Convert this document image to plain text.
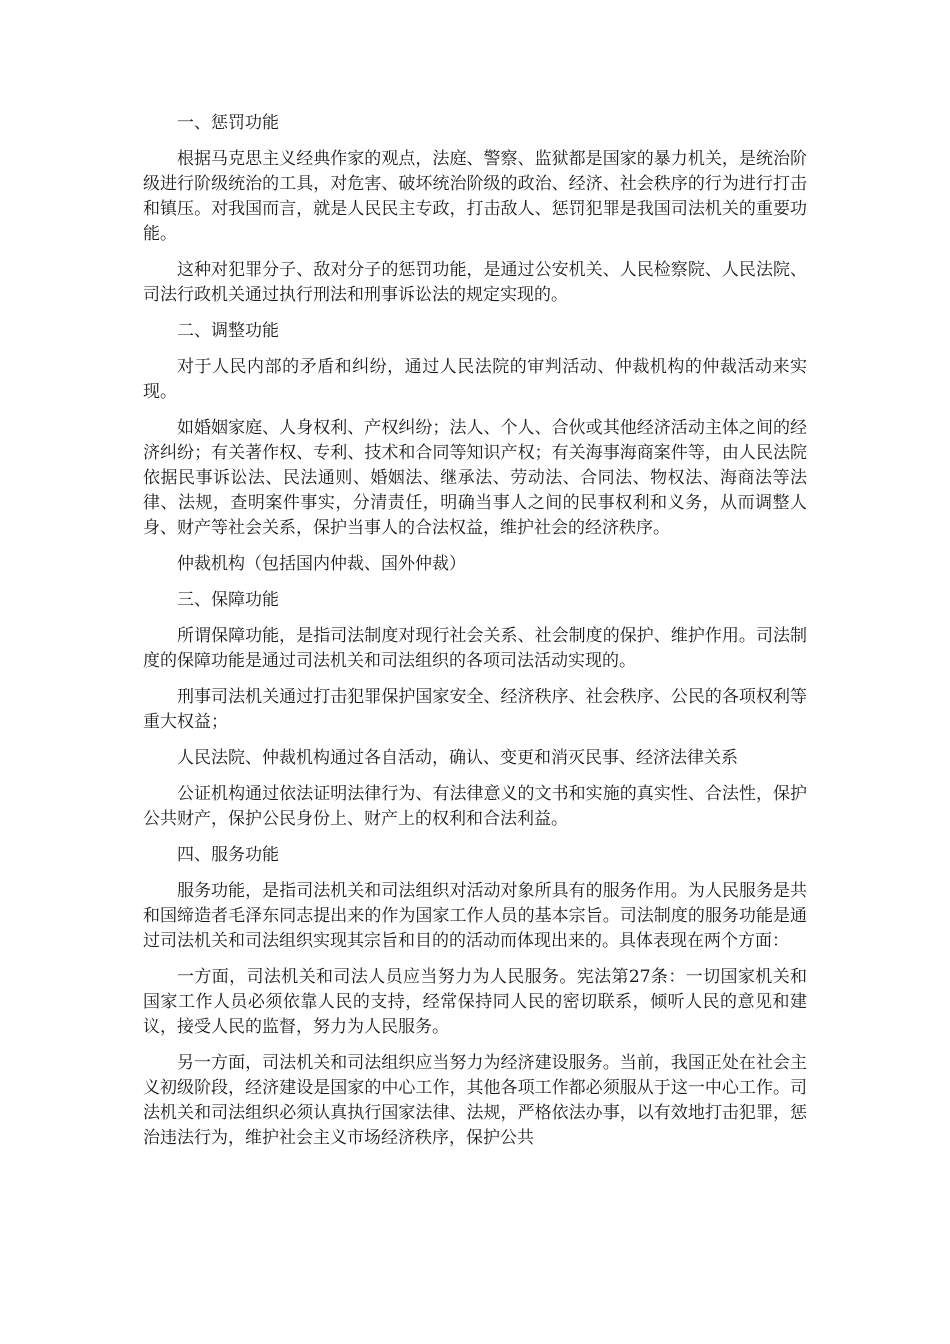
一、惩罚功能

根据马克思主义经典作家的观点，法庭、警察、监狱都是国家的暴力机关，是统治阶级进行阶级统治的工具，对危害、破坏统治阶级的政治、经济、社会秩序的行为进行打击和镇压。对我国而言，就是人民民主专政，打击敌人、惩罚犯罪是我国司法机关的重要功能。

这种对犯罪分子、敌对分子的惩罚功能，是通过公安机关、人民检察院、人民法院、司法行政机关通过执行刑法和刑事诉讼法的规定实现的。

二、调整功能

对于人民内部的矛盾和纠纷，通过人民法院的审判活动、仲裁机构的仲裁活动来实现。

如婚姻家庭、人身权利、产权纠纷；法人、个人、合伙或其他经济活动主体之间的经济纠纷；有关著作权、专利、技术和合同等知识产权；有关海事海商案件等，由人民法院依据民事诉讼法、民法通则、婚姻法、继承法、劳动法、合同法、物权法、海商法等法律、法规，查明案件事实，分清责任，明确当事人之间的民事权利和义务，从而调整人身、财产等社会关系，保护当事人的合法权益，维护社会的经济秩序。

仲裁机构（包括国内仲裁、国外仲裁）

三、保障功能

所谓保障功能，是指司法制度对现行社会关系、社会制度的保护、维护作用。司法制度的保障功能是通过司法机关和司法组织的各项司法活动实现的。

刑事司法机关通过打击犯罪保护国家安全、经济秩序、社会秩序、公民的各项权利等重大权益；

人民法院、仲裁机构通过各自活动，确认、变更和消灭民事、经济法律关系

公证机构通过依法证明法律行为、有法律意义的文书和实施的真实性、合法性，保护公共财产，保护公民身份上、财产上的权利和合法利益。

四、服务功能

服务功能，是指司法机关和司法组织对活动对象所具有的服务作用。为人民服务是共和国缔造者毛泽东同志提出来的作为国家工作人员的基本宗旨。司法制度的服务功能是通过司法机关和司法组织实现其宗旨和目的的活动而体现出来的。具体表现在两个方面：

一方面，司法机关和司法人员应当努力为人民服务。宪法第27条：一切国家机关和国家工作人员必须依靠人民的支持，经常保持同人民的密切联系，倾听人民的意见和建议，接受人民的监督，努力为人民服务。

另一方面，司法机关和司法组织应当努力为经济建设服务。当前，我国正处在社会主义初级阶段，经济建设是国家的中心工作，其他各项工作都必须服从于这一中心工作。司法机关和司法组织必须认真执行国家法律、法规，严格依法办事，以有效地打击犯罪，惩治违法行为，维护社会主义市场经济秩序，保护公共
